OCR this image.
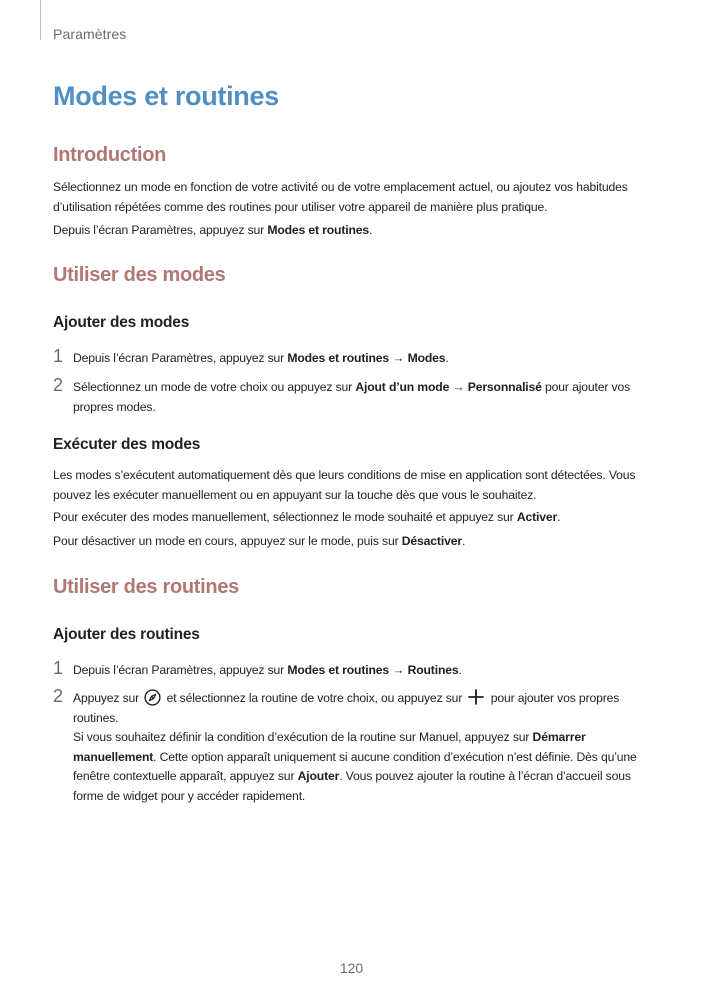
Paramètres
Modes et routines
Introduction

Sélectionnez un mode en fonction de votre activité ou de votre emplacement actuel, ou ajoutez vos habitudes d’utilisation répétées comme des routines pour utiliser votre appareil de manière plus pratique.

Depuis l’écran Paramètres, appuyez sur Modes et routines.

Utiliser des modes
Ajouter des modes
1 Depuis l’écran Paramètres, appuyez sur Modes et routines → Modes.
2 Sélectionnez un mode de votre choix ou appuyez sur Ajout d’un mode → Personnalisé pour ajouter vos propres modes.
Exécuter des modes

Les modes s’exécutent automatiquement dès que leurs conditions de mise en application sont détectées. Vous pouvez les exécuter manuellement ou en appuyant sur la touche dès que vous le souhaitez.

Pour exécuter des modes manuellement, sélectionnez le mode souhaité et appuyez sur Activer.

Pour désactiver un mode en cours, appuyez sur le mode, puis sur Désactiver.

Utiliser des routines
Ajouter des routines
1 Depuis l’écran Paramètres, appuyez sur Modes et routines → Routines.
2 Appuyez sur  et sélectionnez la routine de votre choix, ou appuyez sur  pour ajouter vos propres routines.
Si vous souhaitez définir la condition d’exécution de la routine sur Manuel, appuyez sur Démarrer manuellement. Cette option apparaît uniquement si aucune condition d’exécution n’est définie. Dès qu’une fenêtre contextuelle apparaît, appuyez sur Ajouter. Vous pouvez ajouter la routine à l’écran d’accueil sous forme de widget pour y accéder rapidement.
120
